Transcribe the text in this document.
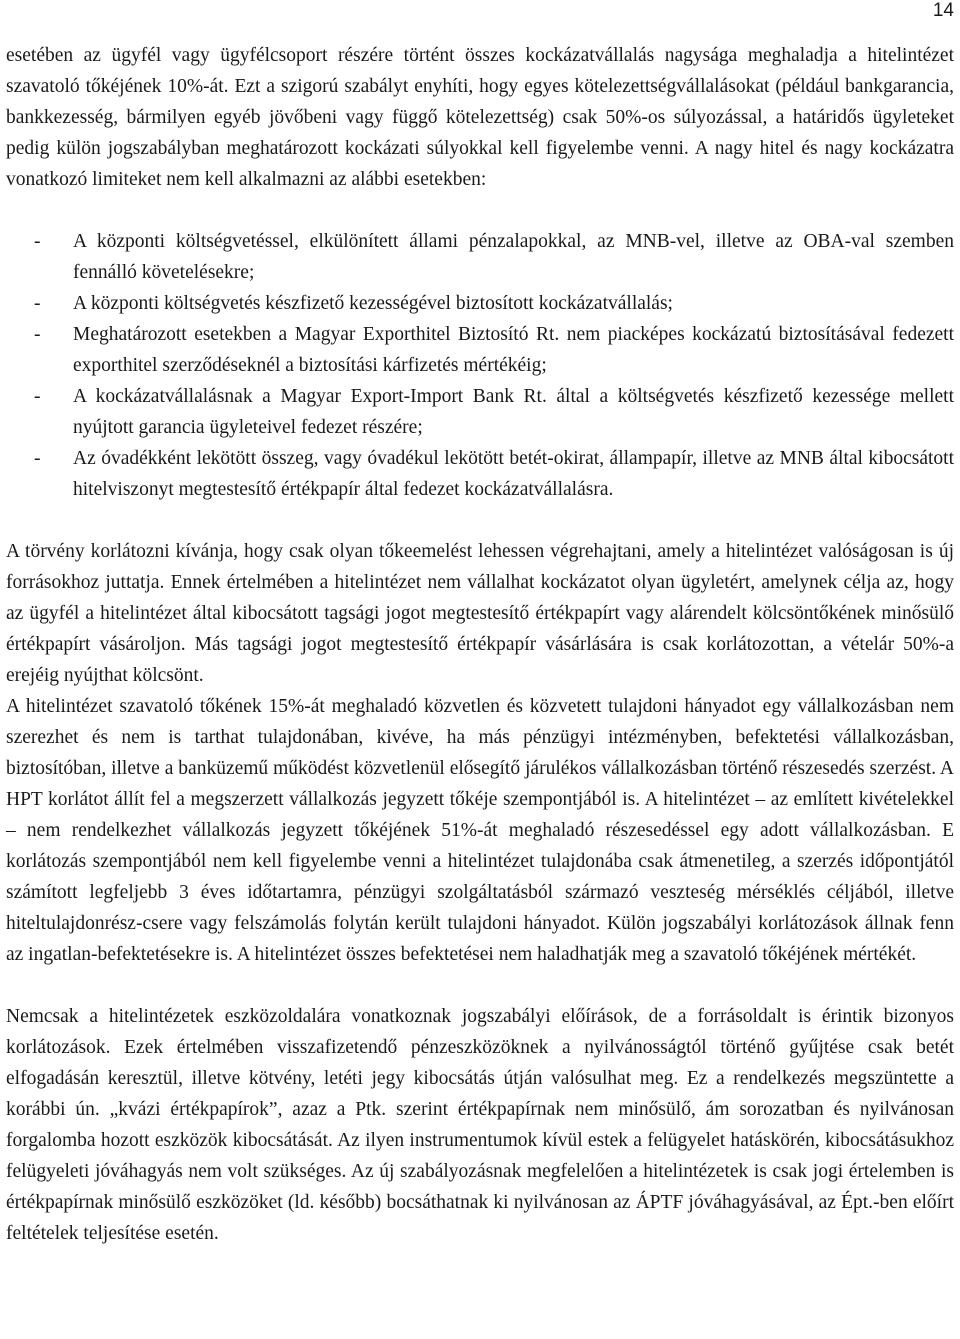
14

esetében az ügyfél vagy ügyfélcsoport részére történt összes kockázatvállalás nagysága meghaladja a hitelintézet szavatoló tőkéjének 10%-át. Ezt a szigorú szabályt enyhíti, hogy egyes kötelezettségvállalásokat (például bankgarancia, bankkezesség, bármilyen egyéb jövőbeni vagy függő kötelezettség) csak 50%-os súlyozással, a határidős ügyleteket pedig külön jogszabályban meghatározott kockázati súlyokkal kell figyelembe venni. A nagy hitel és nagy kockázatra vonatkozó limiteket nem kell alkalmazni az alábbi esetekben:

- A központi költségvetéssel, elkülönített állami pénzalapokkal, az MNB-vel, illetve az OBA-val szemben fennálló követelésekre;
- A központi költségvetés készfizető kezességével biztosított kockázatvállalás;
- Meghatározott esetekben a Magyar Exporthitel Biztosító Rt. nem piacképes kockázatú biztosításával fedezett exporthitel szerződéseknél a biztosítási kárfizetés mértékéig;
- A kockázatvállalásnak a Magyar Export-Import Bank Rt. által a költségvetés készfizető kezessége mellett nyújtott garancia ügyleteivel fedezet részére;
- Az óvadékként lekötött összeg, vagy óvadékul lekötött betét-okirat, állampapír, illetve az MNB által kibocsátott hitelviszonyt megtestesítő értékpapír által fedezet kockázatvállalásra.

A törvény korlátozni kívánja, hogy csak olyan tőkeemelést lehessen végrehajtani, amely a hitelintézet valóságosan is új forrásokhoz juttatja. Ennek értelmében a hitelintézet nem vállalhat kockázatot olyan ügyletért, amelynek célja az, hogy az ügyfél a hitelintézet által kibocsátott tagsági jogot megtestesítő értékpapírt vagy alárendelt kölcsöntőkének minősülő értékpapírt vásároljon. Más tagsági jogot megtestesítő értékpapír vásárlására is csak korlátozottan, a vételár 50%-a erejéig nyújthat kölcsönt.

A hitelintézet szavatoló tőkének 15%-át meghaladó közvetlen és közvetett tulajdoni hányadot egy vállalkozásban nem szerezhet és nem is tarthat tulajdonában, kivéve, ha más pénzügyi intézményben, befektetési vállalkozásban, biztosítóban, illetve a banküzemű működést közvetlenül elősegítő járulékos vállalkozásban történő részesedés szerzést. A HPT korlátot állít fel a megszerzett vállalkozás jegyzett tőkéje szempontjából is. A hitelintézet – az említett kivételekkel – nem rendelkezhet vállalkozás jegyzett tőkéjének 51%-át meghaladó részesedéssel egy adott vállalkozásban. E korlátozás szempontjából nem kell figyelembe venni a hitelintézet tulajdonába csak átmenetileg, a szerzés időpontjától számított legfeljebb 3 éves időtartamra, pénzügyi szolgáltatásból származó veszteség mérséklés céljából, illetve hiteltulajdonrész-csere vagy felszámolás folytán került tulajdoni hányadot. Külön jogszabályi korlátozások állnak fenn az ingatlan-befektetésekre is. A hitelintézet összes befektetései nem haladhatják meg a szavatoló tőkéjének mértékét.

Nemcsak a hitelintézetek eszközoldalára vonatkoznak jogszabályi előírások, de a forrásoldalt is érintik bizonyos korlátozások. Ezek értelmében visszafizetendő pénzeszközöknek a nyilvánosságtól történő gyűjtése csak betét elfogadásán keresztül, illetve kötvény, letéti jegy kibocsátás útján valósulhat meg. Ez a rendelkezés megszüntette a korábbi ún. „kvázi értékpapírok”, azaz a Ptk. szerint értékpapírnak nem minősülő, ám sorozatban és nyilvánosan forgalomba hozott eszközök kibocsátását. Az ilyen instrumentumok kívül estek a felügyelet hatáskörén, kibocsátásukhoz felügyeleti jóváhagyás nem volt szükséges. Az új szabályozásnak megfelelően a hitelintézetek is csak jogi értelemben is értékpapírnak minősülő eszközöket (ld. később) bocsáthatnak ki nyilvánosan az ÁPTF jóváhagyásával, az Épt.-ben előírt feltételek teljesítése esetén.
